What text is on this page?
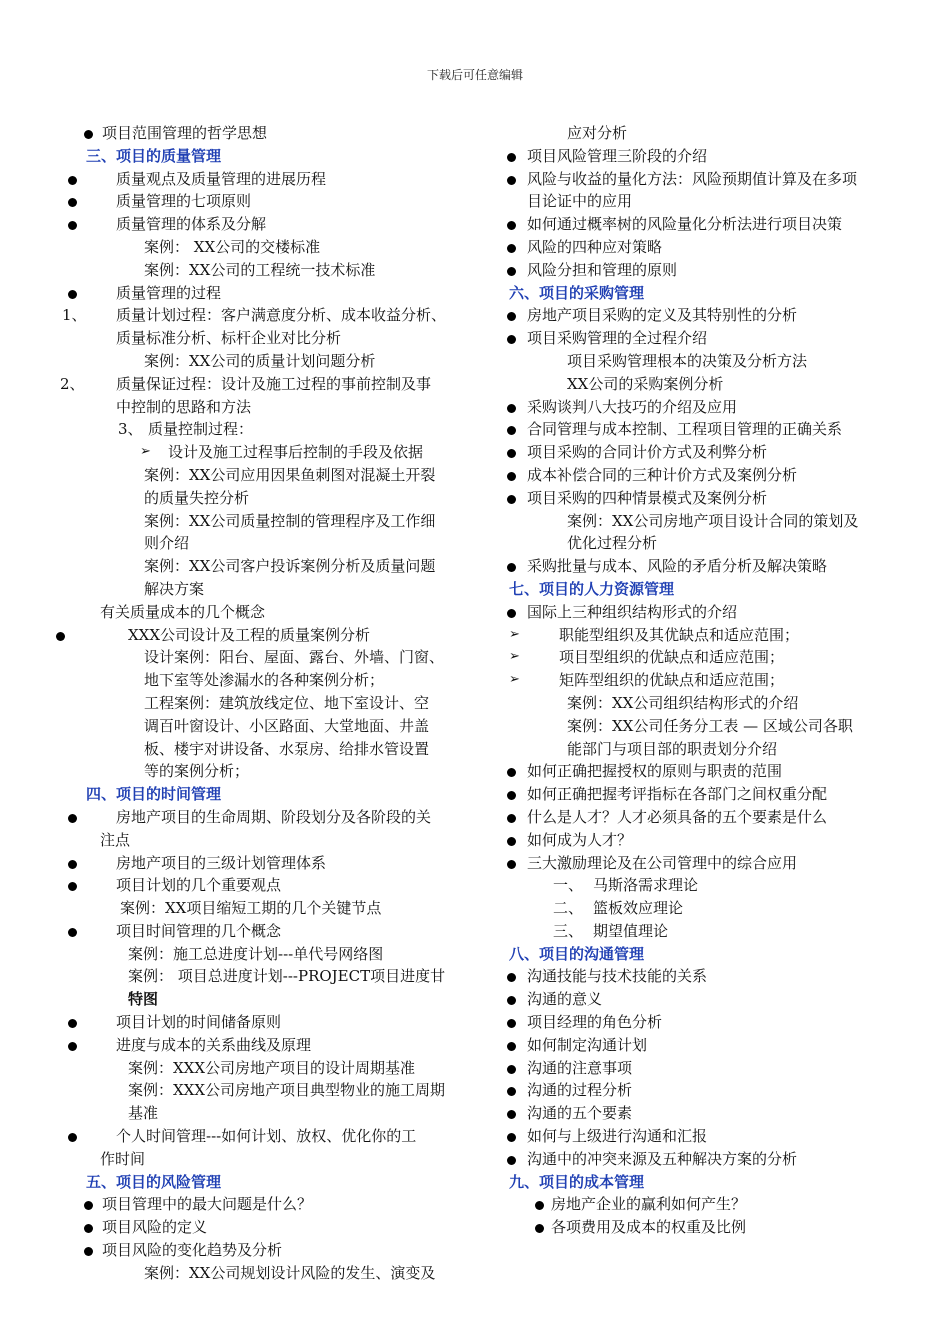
下载后可任意编辑
项目范围管理的哲学思想
三、项目的质量管理
质量观点及质量管理的进展历程
质量管理的七项原则
质量管理的体系及分解
案例： XX公司的交楼标准
案例：XX公司的工程统一技术标准
质量管理的过程
1、 质量计划过程：客户满意度分析、成本收益分析、
质量标准分析、标杆企业对比分析
案例：XX公司的质量计划问题分析
2、 质量保证过程：设计及施工过程的事前控制及事
中控制的思路和方法
3、 质量控制过程：
➢ 设计及施工过程事后控制的手段及依据
案例：XX公司应用因果鱼刺图对混凝土开裂
的质量失控分析
案例：XX公司质量控制的管理程序及工作细
则介绍
案例：XX公司客户投诉案例分析及质量问题
解决方案
有关质量成本的几个概念
XXX公司设计及工程的质量案例分析
设计案例：阳台、屋面、露台、外墙、门窗、
地下室等处渗漏水的各种案例分析；
工程案例：建筑放线定位、地下室设计、空
调百叶窗设计、小区路面、大堂地面、井盖
板、楼宇对讲设备、水泵房、给排水管设置
等的案例分析；
四、项目的时间管理
房地产项目的生命周期、阶段划分及各阶段的关
注点
房地产项目的三级计划管理体系
项目计划的几个重要观点
案例：XX项目缩短工期的几个关键节点
项目时间管理的几个概念
案例：施工总进度计划---单代号网络图
案例： 项目总进度计划---PROJECT项目进度甘
特图
项目计划的时间储备原则
进度与成本的关系曲线及原理
案例：XXX公司房地产项目的设计周期基准
案例：XXX公司房地产项目典型物业的施工周期
基准
个人时间管理---如何计划、放权、优化你的工
作时间
五、项目的风险管理
项目管理中的最大问题是什么？
项目风险的定义
项目风险的变化趋势及分析
案例：XX公司规划设计风险的发生、演变及
应对分析
项目风险管理三阶段的介绍
风险与收益的量化方法：风险预期值计算及在多项
目论证中的应用
如何通过概率树的风险量化分析法进行项目决策
风险的四种应对策略
风险分担和管理的原则
六、项目的采购管理
房地产项目采购的定义及其特别性的分析
项目采购管理的全过程介绍
项目采购管理根本的决策及分析方法
XX公司的采购案例分析
采购谈判八大技巧的介绍及应用
合同管理与成本控制、工程项目管理的正确关系
项目采购的合同计价方式及利弊分析
成本补偿合同的三种计价方式及案例分析
项目采购的四种情景模式及案例分析
案例：XX公司房地产项目设计合同的策划及
优化过程分析
采购批量与成本、风险的矛盾分析及解决策略
七、项目的人力资源管理
国际上三种组织结构形式的介绍
➢	职能型组织及其优缺点和适应范围；
➢	项目型组织的优缺点和适应范围；
➢	矩阵型组织的优缺点和适应范围；
案例：XX公司组织结构形式的介绍
案例：XX公司任务分工表 — 区域公司各职
能部门与项目部的职责划分介绍
如何正确把握授权的原则与职责的范围
如何正确把握考评指标在各部门之间权重分配
什么是人才？人才必须具备的五个要素是什么
如何成为人才？
三大激励理论及在公司管理中的综合应用
一、 马斯洛需求理论
二、 篮板效应理论
三、 期望值理论
八、项目的沟通管理
沟通技能与技术技能的关系
沟通的意义
项目经理的角色分析
如何制定沟通计划
沟通的注意事项
沟通的过程分析
沟通的五个要素
如何与上级进行沟通和汇报
沟通中的冲突来源及五种解决方案的分析
九、项目的成本管理
房地产企业的赢利如何产生？
各项费用及成本的权重及比例
